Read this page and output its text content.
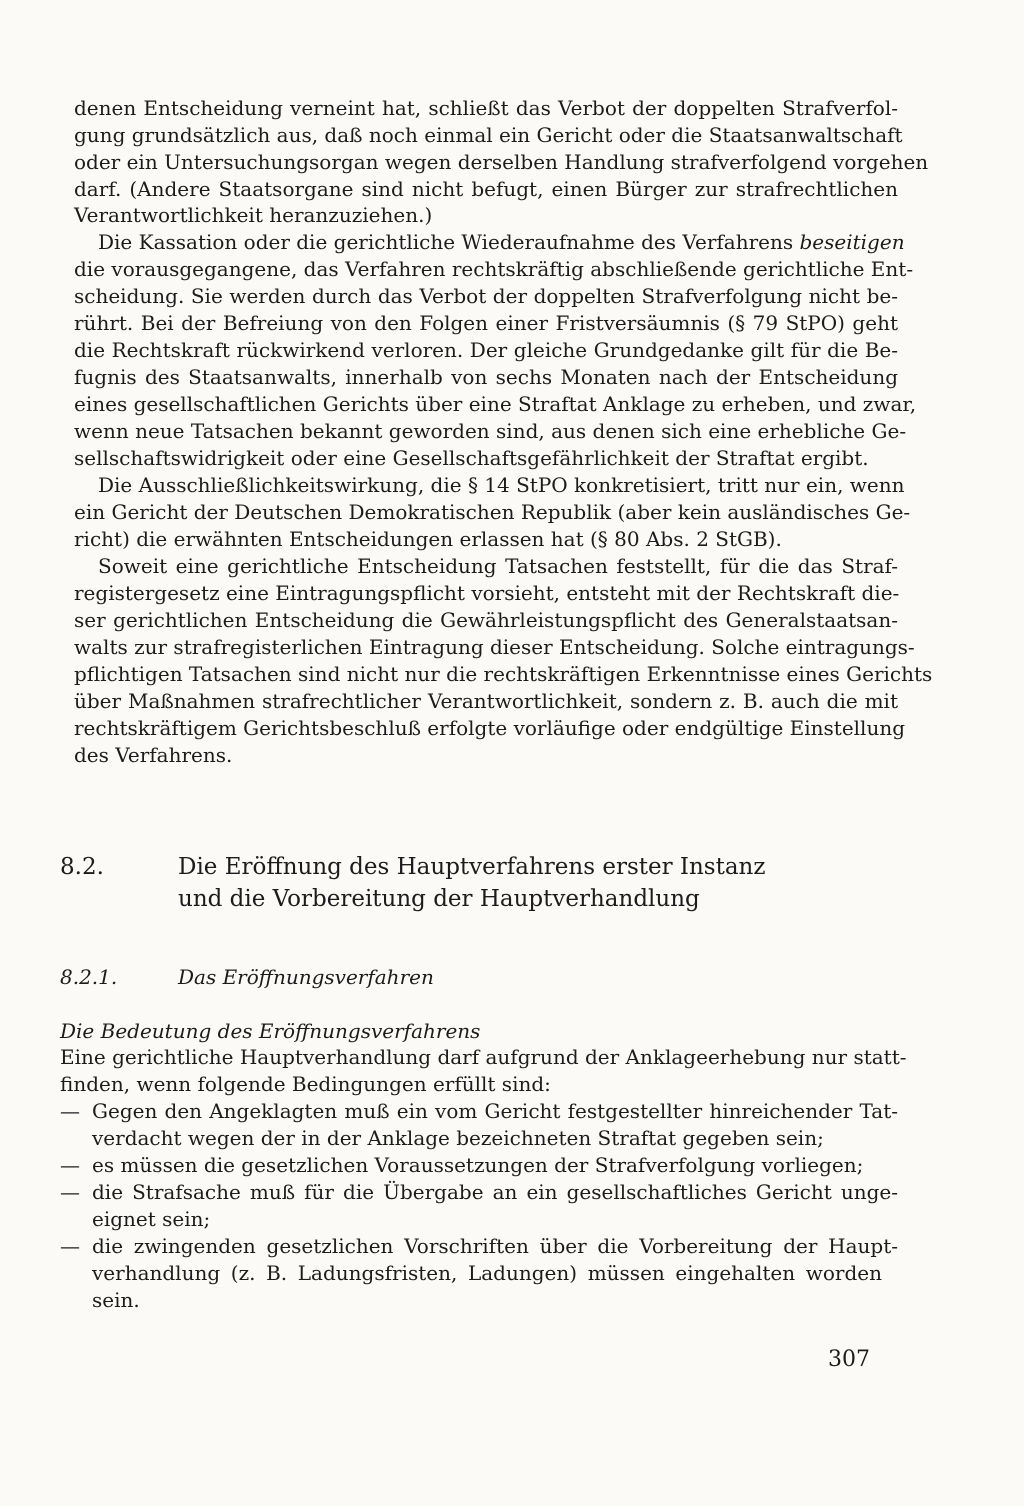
denen Entscheidung verneint hat, schließt das Verbot der doppelten Strafverfol-
gung grundsätzlich aus, daß noch einmal ein Gericht oder die Staatsanwaltschaft
oder ein Untersuchungsorgan wegen derselben Handlung strafverfolgend vorgehen
darf. (Andere Staatsorgane sind nicht befugt, einen Bürger zur strafrechtlichen
Verantwortlichkeit heranzuziehen.)
Die Kassation oder die gerichtliche Wiederaufnahme des Verfahrens beseitigen
die vorausgegangene, das Verfahren rechtskräftig abschließende gerichtliche Ent-
scheidung. Sie werden durch das Verbot der doppelten Strafverfolgung nicht be-
rührt. Bei der Befreiung von den Folgen einer Fristversäumnis (§ 79 StPO) geht
die Rechtskraft rückwirkend verloren. Der gleiche Grundgedanke gilt für die Be-
fugnis des Staatsanwalts, innerhalb von sechs Monaten nach der Entscheidung
eines gesellschaftlichen Gerichts über eine Straftat Anklage zu erheben, und zwar,
wenn neue Tatsachen bekannt geworden sind, aus denen sich eine erhebliche Ge-
sellschaftswidrigkeit oder eine Gesellschaftsgefährlichkeit der Straftat ergibt.
Die Ausschließlichkeitswirkung, die § 14 StPO konkretisiert, tritt nur ein, wenn
ein Gericht der Deutschen Demokratischen Republik (aber kein ausländisches Ge-
richt) die erwähnten Entscheidungen erlassen hat (§ 80 Abs. 2 StGB).
Soweit eine gerichtliche Entscheidung Tatsachen feststellt, für die das Straf-
registergesetz eine Eintragungspflicht vorsieht, entsteht mit der Rechtskraft die-
ser gerichtlichen Entscheidung die Gewährleistungspflicht des Generalstaatsan-
walts zur strafregisterlichen Eintragung dieser Entscheidung. Solche eintragungs-
pflichtigen Tatsachen sind nicht nur die rechtskräftigen Erkenntnisse eines Gerichts
über Maßnahmen strafrechtlicher Verantwortlichkeit, sondern z. B. auch die mit
rechtskräftigem Gerichtsbeschluß erfolgte vorläufige oder endgültige Einstellung
des Verfahrens.
8.2.	Die Eröffnung des Hauptverfahrens erster Instanz
und die Vorbereitung der Hauptverhandlung
8.2.1.	Das Eröffnungsverfahren
Die Bedeutung des Eröffnungsverfahrens
Eine gerichtliche Hauptverhandlung darf aufgrund der Anklageerhebung nur statt-
finden, wenn folgende Bedingungen erfüllt sind:
— Gegen den Angeklagten muß ein vom Gericht festgestellter hinreichender Tat-
verdacht wegen der in der Anklage bezeichneten Straftat gegeben sein;
— es müssen die gesetzlichen Voraussetzungen der Strafverfolgung vorliegen;
— die Strafsache muß für die Übergabe an ein gesellschaftliches Gericht unge-
eignet sein;
— die zwingenden gesetzlichen Vorschriften über die Vorbereitung der Haupt-
verhandlung (z. B. Ladungsfristen, Ladungen) müssen eingehalten worden
sein.
307
